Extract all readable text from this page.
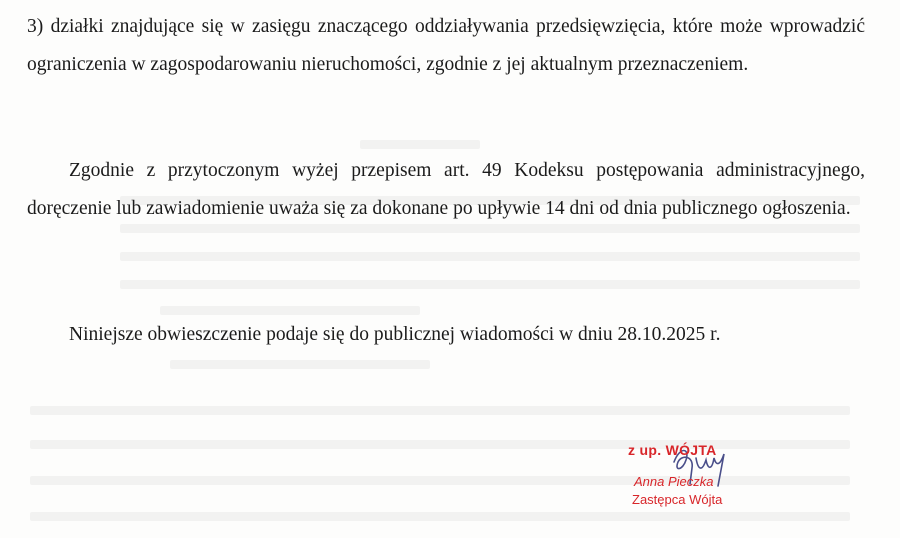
3) działki znajdujące się w zasięgu znaczącego oddziaływania przedsięwzięcia, które może wprowadzić ograniczenia w zagospodarowaniu nieruchomości, zgodnie z jej aktualnym przeznaczeniem.

Zgodnie z przytoczonym wyżej przepisem art. 49 Kodeksu postępowania administracyjnego, doręczenie lub zawiadomienie uważa się za dokonane po upływie 14 dni od dnia publicznego ogłoszenia.

Niniejsze obwieszczenie podaje się do publicznej wiadomości w dniu 28.10.2025 r.

z up. WÓJTA
Anna Pieczka
Zastępca Wójta
